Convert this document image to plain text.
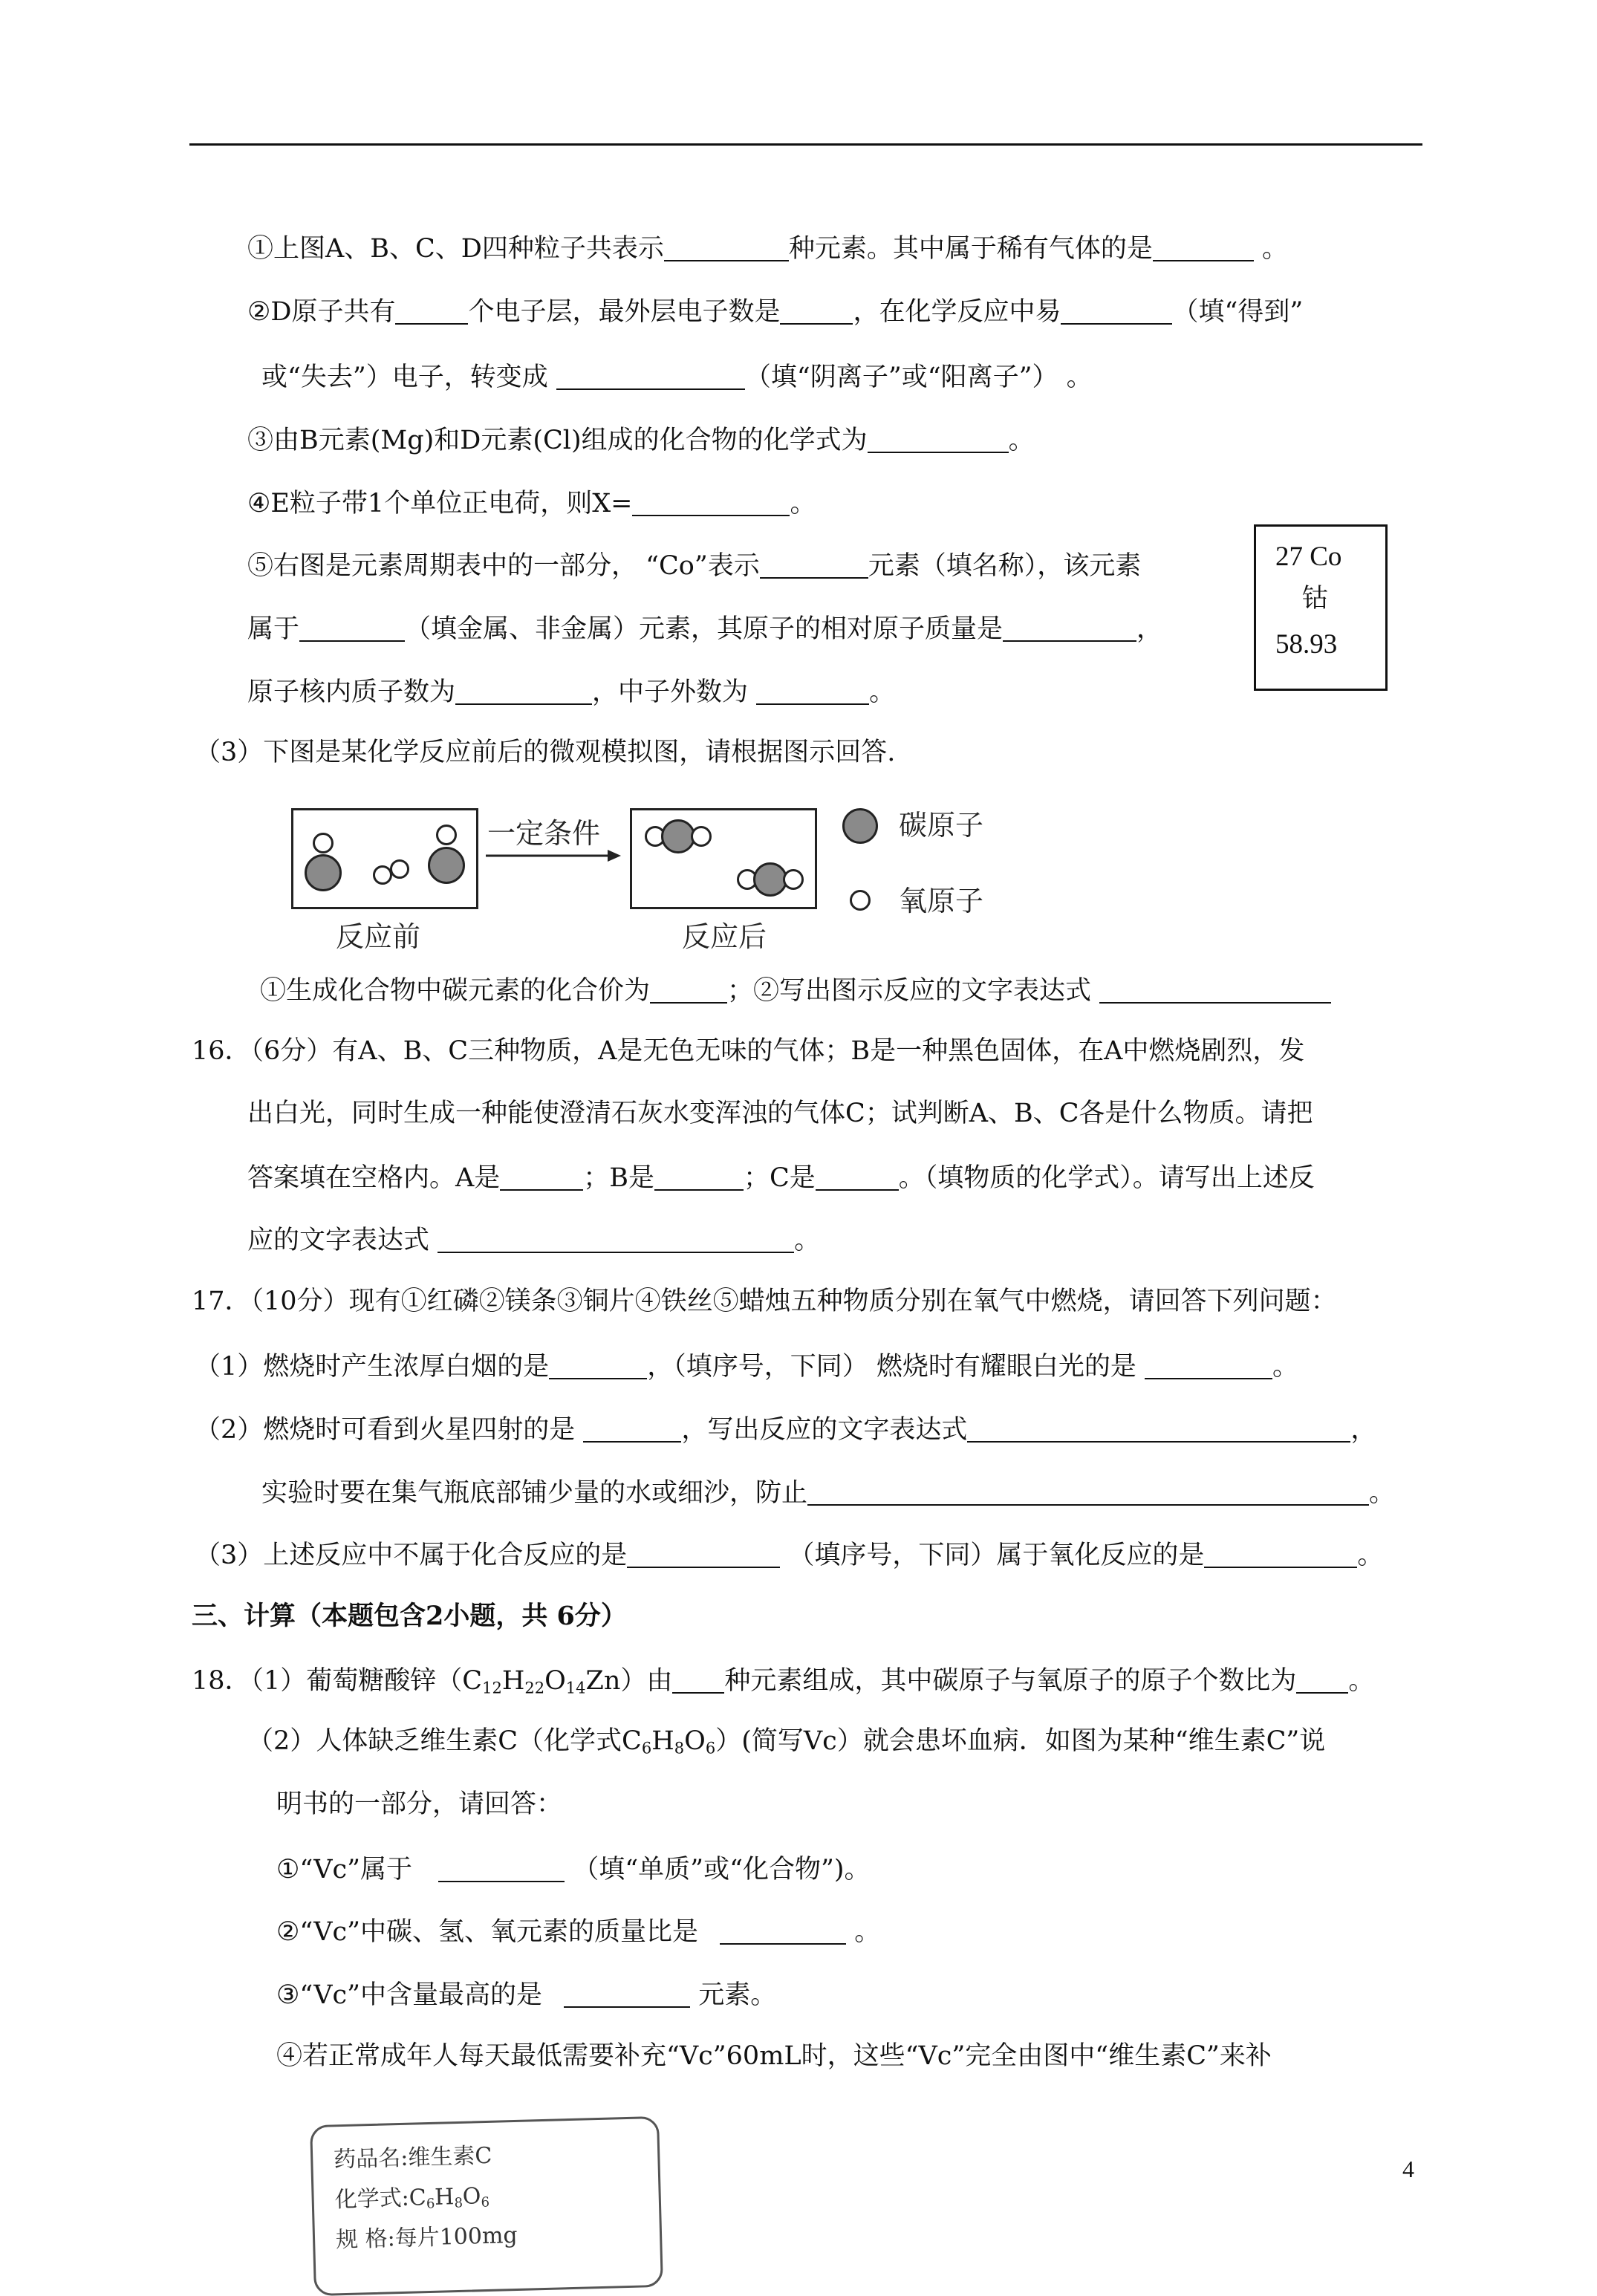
①上图A、B、C、D四种粒子共表示	种元素。其中属于稀有气体的是	。
②D原子共有	个电子层，最外层电子数是	，在化学反应中易	（填“得到”
或“失去”）电子，转变成	（填“阴离子”或“阳离子”） 。
③由B元素(Mg)和D元素(Cl)组成的化合物的化学式为	。
④E粒子带1个单位正电荷，则X=	。
⑤右图是元素周期表中的一部分， “Co”表示	元素（填名称），该元素
属于	（填金属、非金属）元素，其原子的相对原子质量是	，
原子核内质子数为	，中子外数为	。
27 Co
钴
58.93
（3）下图是某化学反应前后的微观模拟图，请根据图示回答.
一定条件	碳原子
氧原子
反应前	反应后
①生成化合物中碳元素的化合价为	；②写出图示反应的文字表达式
16．（6分）有A、B、C三种物质，A是无色无味的气体；B是一种黑色固体，在A中燃烧剧烈，发
出白光，同时生成一种能使澄清石灰水变浑浊的气体C；试判断A、B、C各是什么物质。请把
答案填在空格内。A是	；B是	；C是	。（填物质的化学式）。请写出上述反
应的文字表达式	。
17．（10分）现有①红磷②镁条③铜片④铁丝⑤蜡烛五种物质分别在氧气中燃烧，请回答下列问题：
（1）燃烧时产生浓厚白烟的是	，（填序号，下同） 燃烧时有耀眼白光的是	。
（2）燃烧时可看到火星四射的是	，写出反应的文字表达式	，
实验时要在集气瓶底部铺少量的水或细沙，防止	。
（3）上述反应中不属于化合反应的是	（填序号，下同）属于氧化反应的是	。
三、计算（本题包含2小题，共 6分）
18．（1）葡萄糖酸锌$(C_{12}H_{22}O_{14}Zn)$由 种元素组成，其中碳原子与氧原子的原子个数比为 。
（2）人体缺乏维生素C（化学式$C_6H_8O_6$）(简写Vc）就会患坏血病．如图为某种“维生素C”说
明书的一部分，请回答：
①“Vc”属于	（填“单质”或“化合物”)。
②“Vc”中碳、氢、氧元素的质量比是	。
③“Vc”中含量最高的是	元素。
④若正常成年人每天最低需要补充“Vc”60mL时，这些“Vc”完全由图中“维生素C”来补
药品名:维生素C
化学式$:C_6H_8O_6$
规 格:每片100mg
4
